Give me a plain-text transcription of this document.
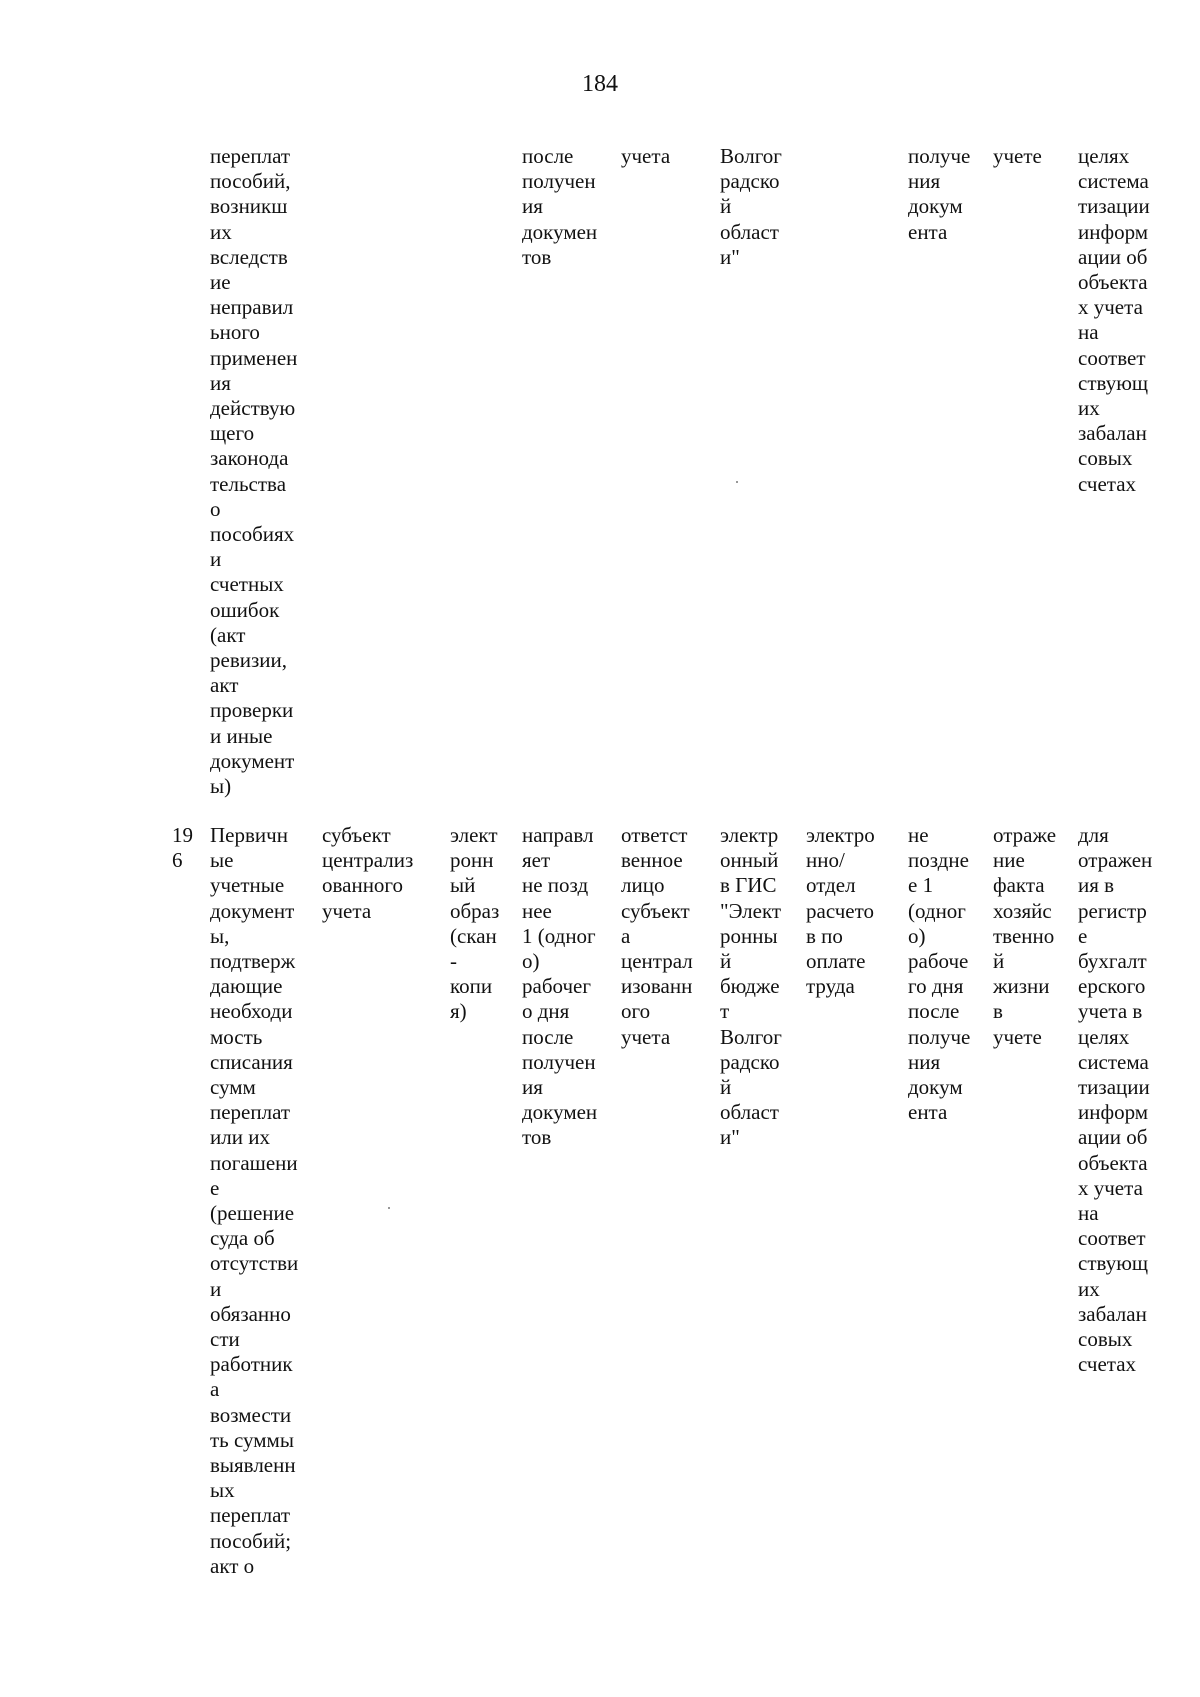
184
переплат
пособий,
возникш
их
вследств
ие
неправил
ьного
применен
ия
действую
щего
законода
тельства
о
пособиях
и
счетных
ошибок
(акт
ревизии,
акт
проверки
и иные
документ
ы)
после
получен
ия
докумен
тов
учета Волгог
радско
й
област
и"
получе
ния
докум
ента
учете целях
система
тизации
информ
ации об
объекта
х учета
на
соответ
ствующ
их
забалан
совых
счетах
19
6
Первичн
ые
учетные
документ
ы,
подтверж
дающие
необходи
мость
списания
сумм
переплат
или их
погашени
е
(решение
суда об
отсутстви
и
обязанно
сти
работник
а
возмести
ть суммы
выявленн
ых
переплат
пособий;
акт о
субъект
централиз
ованного
учета
элект
ронн
ый
образ
(скан
-
копи
я)
направл
яет
не позд
нее
1 (одног
о)
рабочег
о дня
после
получен
ия
докумен
тов
ответст
венное
лицо
субъект
а
централ
изованн
ого
учета
электр
онный
в ГИС
"Элект
ронны
й
бюдже
т
Волгог
радско
й
област
и"
электро
нно/
отдел
расчето
в по
оплате
труда
не
поздне
е 1
(одног
о)
рабоче
го дня
после
получе
ния
докум
ента
отраже
ние
факта
хозяйс
твенно
й
жизни
в
учете
для
отражен
ия в
регистр
е
бухгалт
ерского
учета в
целях
система
тизации
информ
ации об
объекта
х учета
на
соответ
ствующ
их
забалан
совых
счетах
